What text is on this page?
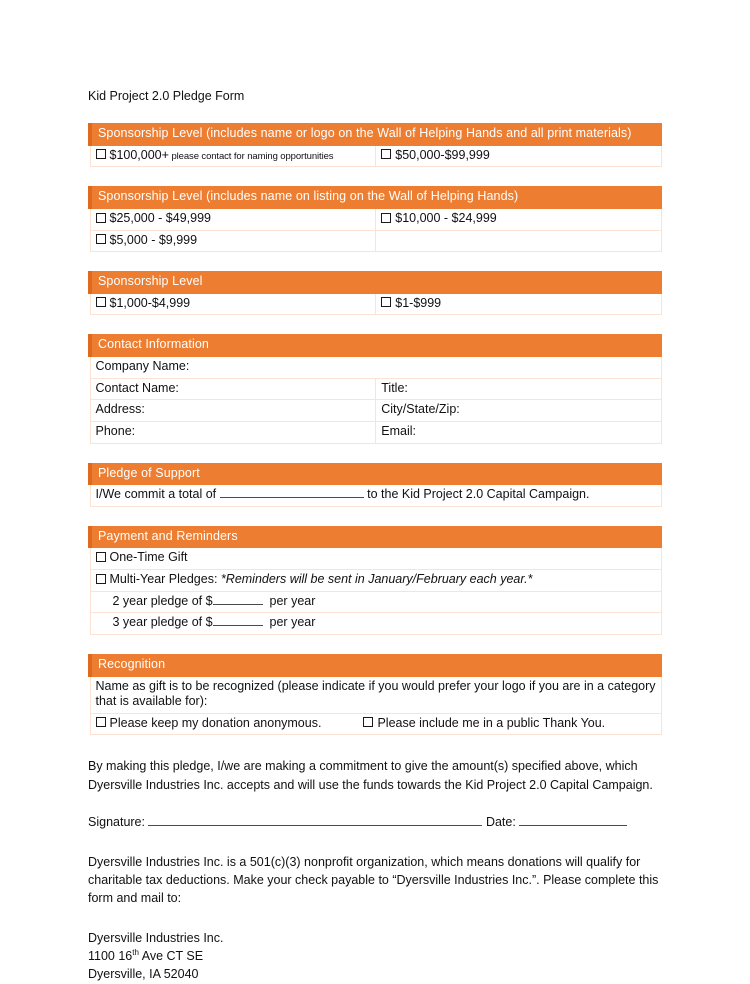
Kid Project 2.0 Pledge Form
Sponsorship Level (includes name or logo on the Wall of Helping Hands and all print materials)
$100,000+ please contact for naming opportunities	$50,000-$99,999
Sponsorship Level (includes name on listing on the Wall of Helping Hands)	
$25,000 - $49,999	$10,000 - $24,999
$5,000 - $9,999	
Sponsorship Level
$1,000-$4,999	$1-$999
Contact Information	
Company Name:	
Contact Name:	Title:
Address:	City/State/Zip:
Phone:	Email:
Pledge of Support
I/We commit a total of	to the Kid Project 2.0 Capital Campaign.
Payment and Reminders
One-Time Gift
Multi-Year Pledges: *Reminders will be sent in January/February each year.*
2 year pledge of $	per year
3 year pledge of $	per year
Recognition
Name as gift is to be recognized (please indicate if you would prefer your logo if you are in a category that is available for):
Please keep my donation anonymous.	Please include me in a public Thank You.
By making this pledge, I/we are making a commitment to give the amount(s) specified above, which Dyersville Industries Inc. accepts and will use the funds towards the Kid Project 2.0 Capital Campaign.
Signature:	Date:
Dyersville Industries Inc. is a 501(c)(3) nonprofit organization, which means donations will qualify for charitable tax deductions. Make your check payable to “Dyersville Industries Inc.”. Please complete this form and mail to:
Dyersville Industries Inc.
1100 16th Ave CT SE
Dyersville, IA 52040
